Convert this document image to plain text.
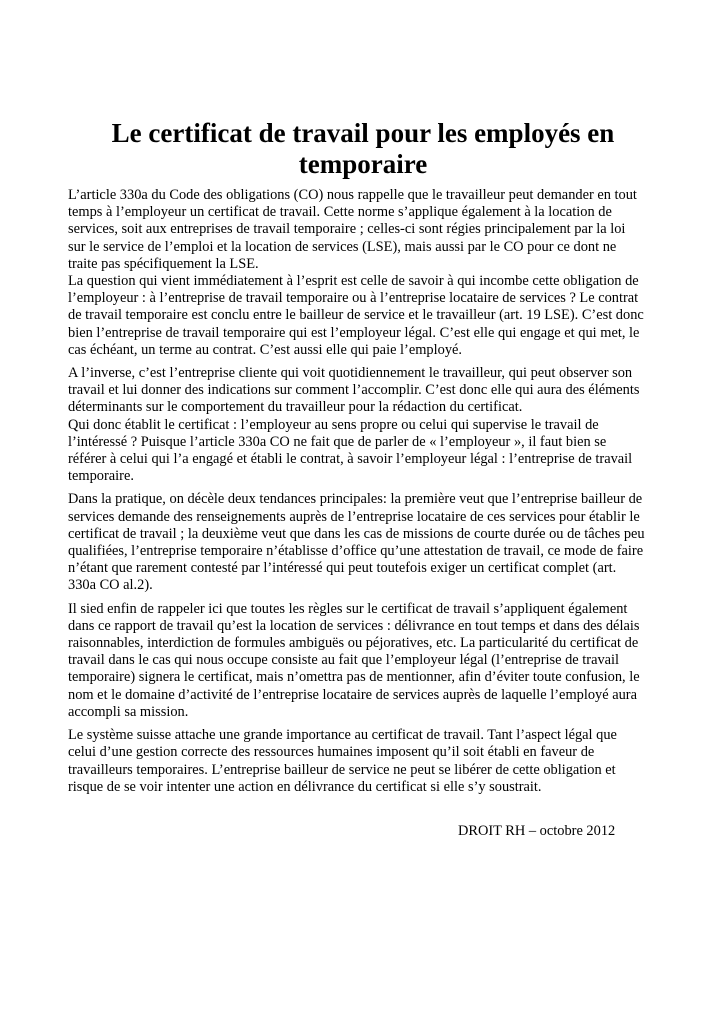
Le certificat de travail pour les employés en temporaire

L’article 330a du Code des obligations (CO) nous rappelle que le travailleur peut demander en tout
temps à l’employeur un certificat de travail. Cette norme s’applique également à la location de
services, soit aux entreprises de travail temporaire ; celles-ci sont régies principalement par la loi
sur le service de l’emploi et la location de services (LSE), mais aussi par le CO pour ce dont ne
traite pas spécifiquement la LSE.
La question qui vient immédiatement à l’esprit est celle de savoir à qui incombe cette obligation de
l’employeur : à l’entreprise de travail temporaire ou à l’entreprise locataire de services ? Le contrat
de travail temporaire est conclu entre le bailleur de service et le travailleur (art. 19 LSE). C’est donc
bien l’entreprise de travail temporaire qui est l’employeur légal. C’est elle qui engage et qui met, le
cas échéant, un terme au contrat. C’est aussi elle qui paie l’employé.

A l’inverse, c’est l’entreprise cliente qui voit quotidiennement le travailleur, qui peut observer son
travail et lui donner des indications sur comment l’accomplir. C’est donc elle qui aura des éléments
déterminants sur le comportement du travailleur pour la rédaction du certificat.
Qui donc établit le certificat : l’employeur au sens propre ou celui qui supervise le travail de
l’intéressé ? Puisque l’article 330a CO ne fait que de parler de « l’employeur », il faut bien se
référer à celui qui l’a engagé et établi le contrat, à savoir l’employeur légal : l’entreprise de travail
temporaire.

Dans la pratique, on décèle deux tendances principales: la première veut que l’entreprise bailleur de
services demande des renseignements auprès de l’entreprise locataire de ces services pour établir le
certificat de travail ; la deuxième veut que dans les cas de missions de courte durée ou de tâches peu
qualifiées, l’entreprise temporaire n’établisse d’office qu’une attestation de travail, ce mode de faire
n’étant que rarement contesté par l’intéressé qui peut toutefois exiger un certificat complet (art.
330a CO al.2).

Il sied enfin de rappeler ici que toutes les règles sur le certificat de travail s’appliquent également
dans ce rapport de travail qu’est la location de services : délivrance en tout temps et dans des délais
raisonnables, interdiction de formules ambiguës ou péjoratives, etc. La particularité du certificat de
travail dans le cas qui nous occupe consiste au fait que l’employeur légal (l’entreprise de travail
temporaire) signera le certificat, mais n’omettra pas de mentionner, afin d’éviter toute confusion, le
nom et le domaine d’activité de l’entreprise locataire de services auprès de laquelle l’employé aura
accompli sa mission.

Le système suisse attache une grande importance au certificat de travail. Tant l’aspect légal que
celui d’une gestion correcte des ressources humaines imposent qu’il soit établi en faveur de
travailleurs temporaires. L’entreprise bailleur de service ne peut se libérer de cette obligation et
risque de se voir intenter une action en délivrance du certificat si elle s’y soustrait.

DROIT RH – octobre 2012
